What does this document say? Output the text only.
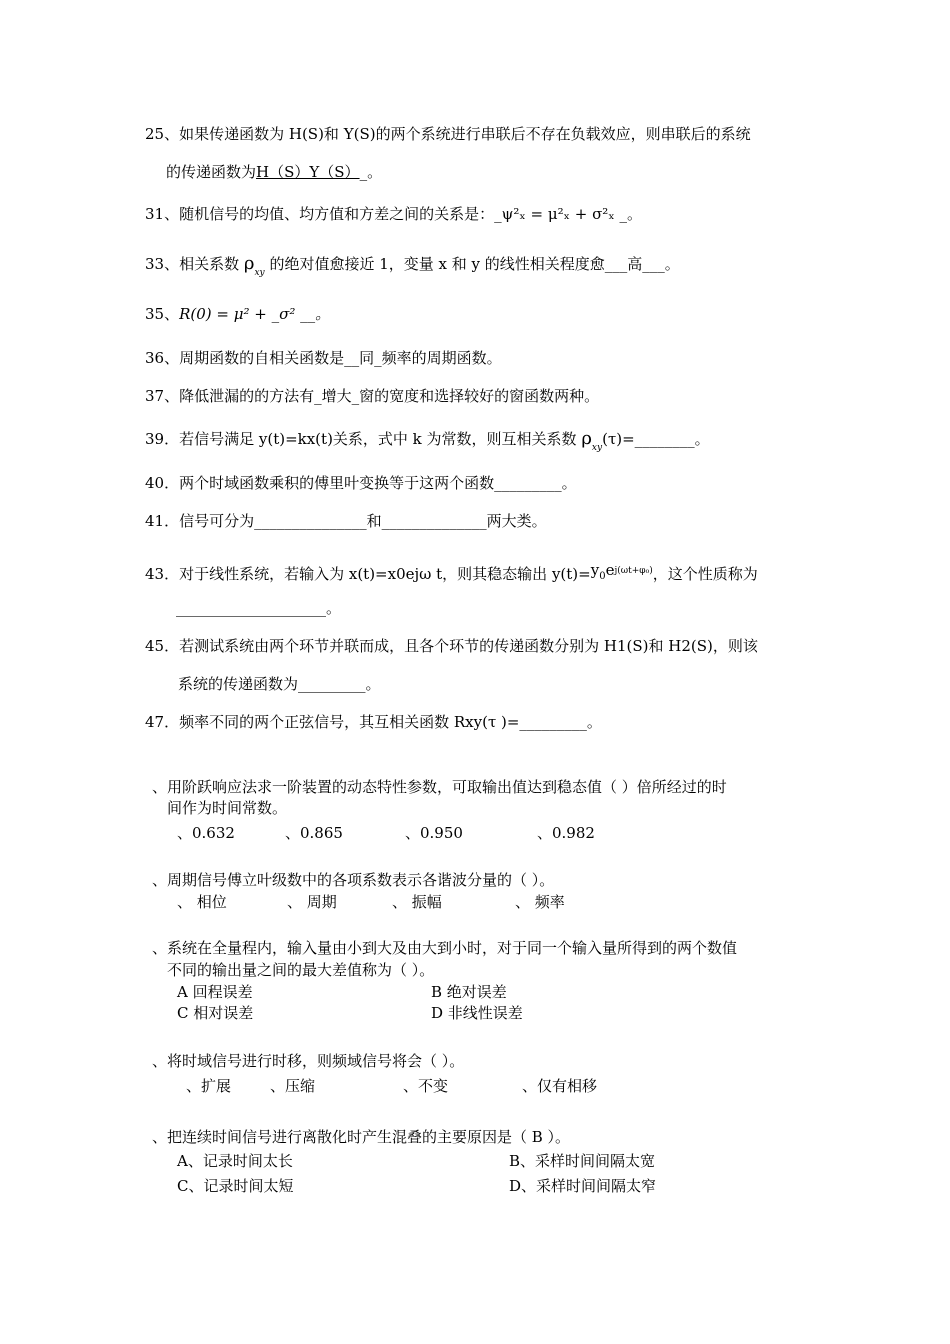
25、如果传递函数为 H(S)和 Y(S)的两个系统进行串联后不存在负载效应，则串联后的系统
的传递函数为H（S）Y（S）_。
31、随机信号的均值、均方值和方差之间的关系是：_ψ²ₓ = μ²ₓ + σ²ₓ _。
33、相关系数 $\rho_{xy}$ 的绝对值愈接近 1，变量 x 和 y 的线性相关程度愈___高___。
35、R(0) = μ² + _σ² __。
36、周期函数的自相关函数是__同_频率的周期函数。
37、降低泄漏的的方法有_增大_窗的宽度和选择较好的窗函数两种。
39．若信号满足 y(t)=kx(t)关系，式中 k 为常数，则互相关系数 $\rho_{xy}(\tau)=\_\_\_\_\_\_\_\_$。
40．两个时域函数乘积的傅里叶变换等于这两个函数_________。
41．信号可分为_______________和______________两大类。
43．对于线性系统，若输入为 x(t)=x0ejω t，则其稳态输出 $y(t)=y0e^{j(\omega t+\varphi_0)}$，这个性质称为
____________________。
45．若测试系统由两个环节并联而成，且各个环节的传递函数分别为 H1(S)和 H2(S)，则该
系统的传递函数为_________。
47．频率不同的两个正弦信号，其互相关函数 Rxy(τ )=_________。
、用阶跃响应法求一阶装置的动态特性参数，可取输出值达到稳态值（ ）倍所经过的时
间作为时间常数。
、0.632	、0.865	、0.950	、0.982
、周期信号傅立叶级数中的各项系数表示各谐波分量的（ ）。
、 相位	、 周期	、 振幅	、 频率
、系统在全量程内，输入量由小到大及由大到小时，对于同一个输入量所得到的两个数值
不同的输出量之间的最大差值称为（ ）。
A 回程误差	B 绝对误差
C 相对误差	D 非线性误差
、将时域信号进行时移，则频域信号将会（ ）。
、扩展	、压缩	、不变	、仅有相移
、把连续时间信号进行离散化时产生混叠的主要原因是（ B ）。
A、记录时间太长	B、采样时间间隔太宽
C、记录时间太短	D、采样时间间隔太窄
